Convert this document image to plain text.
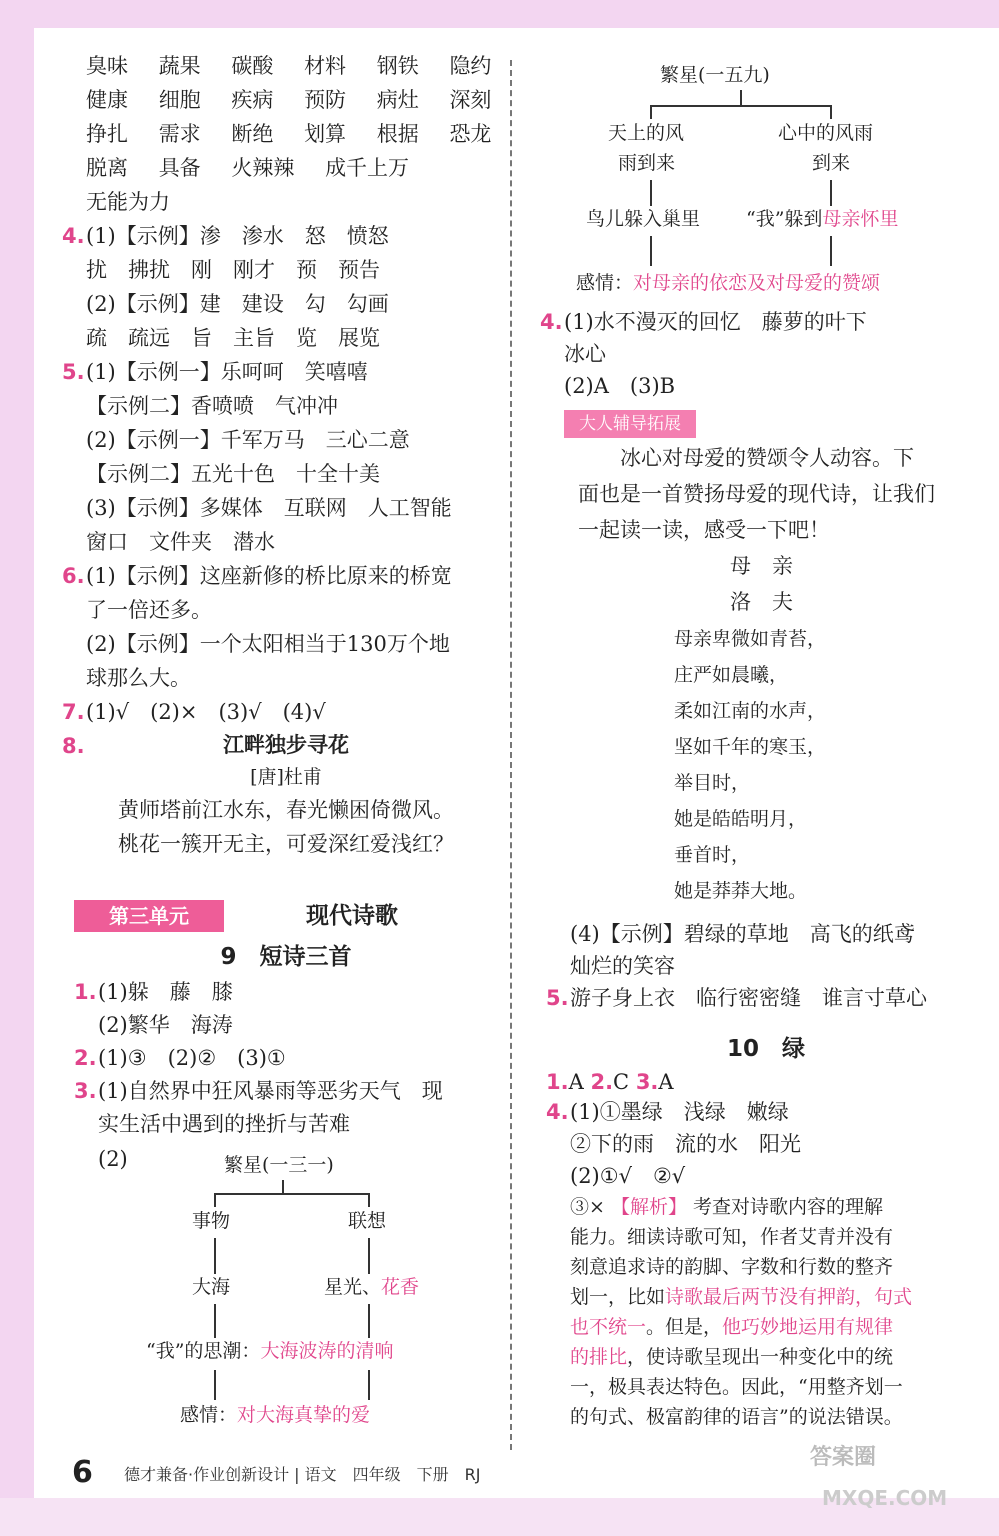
臭味 蔬果 碳酸 材料 钢铁 隐约
健康 细胞 疾病 预防 病灶 深刻
挣扎 需求 断绝 划算 根据 恐龙
脱离 具备 火辣辣 成千上万
无能为力
4. (1)【示例】渗　渗水　怒　愤怒
扰　拂扰　刚　刚才　预　预告
(2)【示例】建　建设　勾　勾画
疏　疏远　旨　主旨　览　展览
5. (1)【示例一】乐呵呵　笑嘻嘻
【示例二】香喷喷　气冲冲
(2)【示例一】千军万马　三心二意
【示例二】五光十色　十全十美
(3)【示例】多媒体　互联网　人工智能
窗口　文件夹　潜水
6. (1)【示例】这座新修的桥比原来的桥宽
了一倍还多。
(2)【示例】一个太阳相当于130万个地
球那么大。
7. (1)√　(2)×　(3)√　(4)√
8.	江畔独步寻花
[唐]杜甫
黄师塔前江水东，春光懒困倚微风。
桃花一簇开无主，可爱深红爱浅红？
第三单元	现代诗歌
9　短诗三首
1. (1)躲　藤　膝
(2)繁华　海涛
2. (1)③　(2)②　(3)①
3. (1)自然界中狂风暴雨等恶劣天气　现
实生活中遇到的挫折与苦难
(2)	繁星(一三一)
事物	联想
大海	星光、花香
“我”的思潮：大海波涛的清响
感情：对大海真挚的爱
繁星(一五九)
天上的风
雨到来
心中的风雨
到来
鸟儿躲入巢里 “我”躲到母亲怀里
感情：对母亲的依恋及对母爱的赞颂
4. (1)水不漫灭的回忆　藤萝的叶下
冰心
(2)A　(3)B
大人辅导拓展
冰心对母爱的赞颂令人动容。下
面也是一首赞扬母爱的现代诗，让我们
一起读一读，感受一下吧！
母　亲
洛　夫
母亲卑微如青苔，
庄严如晨曦，
柔如江南的水声，
坚如千年的寒玉，
举目时，
她是皓皓明月，
垂首时，
她是莽莽大地。
(4)【示例】碧绿的草地　高飞的纸鸢
灿烂的笑容
5. 游子身上衣　临行密密缝　谁言寸草心
10　绿
1.A 2.C 3.A
4. (1)①墨绿　浅绿　嫩绿
②下的雨　流的水　阳光
(2)①√　②√
③× 【解析】 考查对诗歌内容的理解
能力。细读诗歌可知，作者艾青并没有
刻意追求诗的韵脚、字数和行数的整齐
划一，比如诗歌最后两节没有押韵，句式
也不统一。但是，他巧妙地运用有规律
的排比，使诗歌呈现出一种变化中的统
一，极具表达特色。因此，“用整齐划一
的句式、极富韵律的语言”的说法错误。
6 德才兼备·作业创新设计 | 语文　四年级　下册　RJ
答案圈
MXQE.COM
